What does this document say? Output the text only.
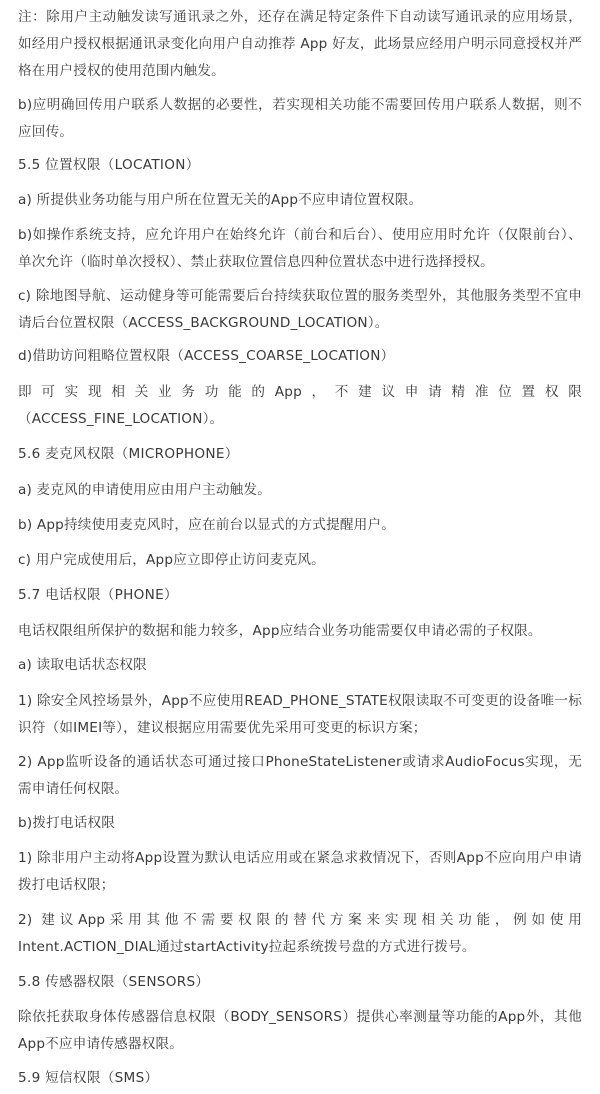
注：除用户主动触发读写通讯录之外，还存在满足特定条件下自动读写通讯录的应用场景，如经用户授权根据通讯录变化向用户自动推荐 App 好友，此场景应经用户明示同意授权并严格在用户授权的使用范围内触发。

b)应明确回传用户联系人数据的必要性，若实现相关功能不需要回传用户联系人数据，则不应回传。

5.5 位置权限（LOCATION）

a) 所提供业务功能与用户所在位置无关的App不应申请位置权限。

b)如操作系统支持，应允许用户在始终允许（前台和后台）、使用应用时允许（仅限前台）、单次允许（临时单次授权）、禁止获取位置信息四种位置状态中进行选择授权。

c) 除地图导航、运动健身等可能需要后台持续获取位置的服务类型外，其他服务类型不宜申请后台位置权限（ACCESS_BACKGROUND_LOCATION）。

d)借助访问粗略位置权限（ACCESS_COARSE_LOCATION）

即可实现相关业务功能的App，不建议申请精准位置权限

（ACCESS_FINE_LOCATION）。

5.6 麦克风权限（MICROPHONE）

a) 麦克风的申请使用应由用户主动触发。

b) App持续使用麦克风时，应在前台以显式的方式提醒用户。

c) 用户完成使用后，App应立即停止访问麦克风。

5.7 电话权限（PHONE）

电话权限组所保护的数据和能力较多，App应结合业务功能需要仅申请必需的子权限。

a) 读取电话状态权限

1) 除安全风控场景外，App不应使用READ_PHONE_STATE权限读取不可变更的设备唯一标识符（如IMEI等），建议根据应用需要优先采用可变更的标识方案；

2) App监听设备的通话状态可通过接口PhoneStateListener或请求AudioFocus实现，无需申请任何权限。

b)拨打电话权限

1) 除非用户主动将App设置为默认电话应用或在紧急求救情况下，否则App不应向用户申请拨打电话权限；

2) 建议App采用其他不需要权限的替代方案来实现相关功能，例如使用

Intent.ACTION_DIAL通过startActivity拉起系统拨号盘的方式进行拨号。

5.8 传感器权限（SENSORS）

除依托获取身体传感器信息权限（BODY_SENSORS）提供心率测量等功能的App外，其他App不应申请传感器权限。

5.9 短信权限（SMS）
